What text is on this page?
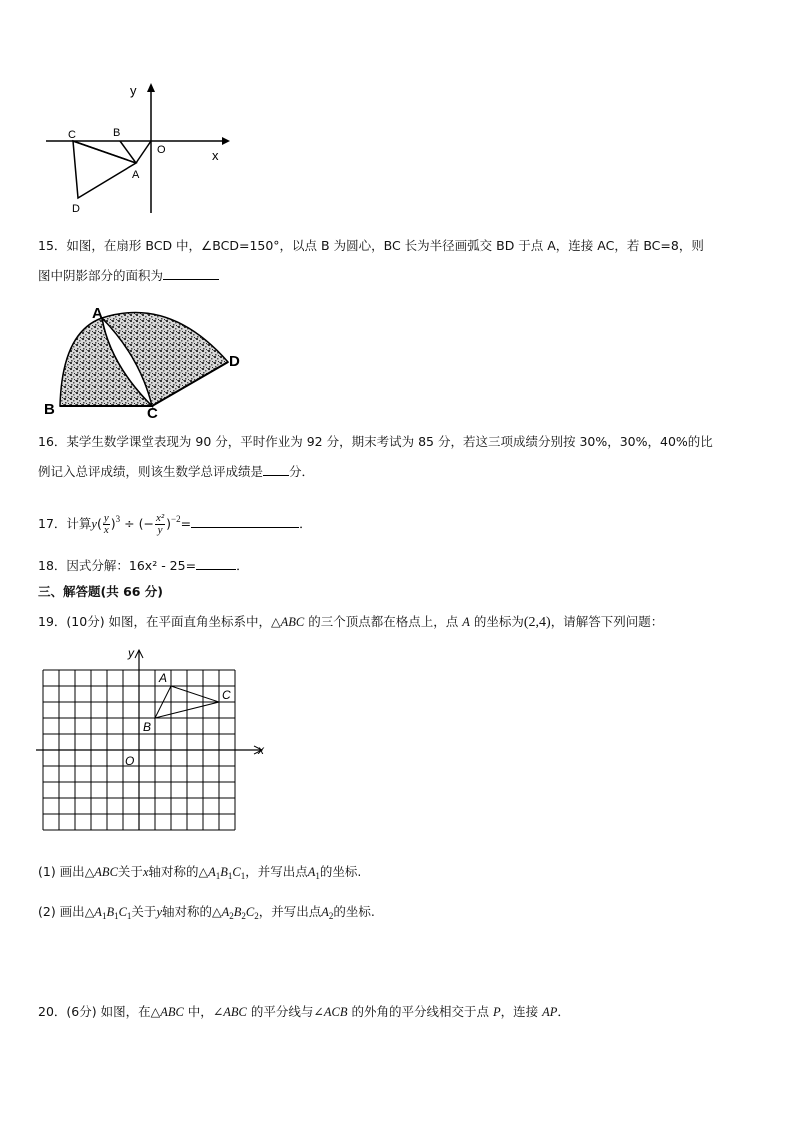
y
x
O
C	B
A
D
15．如图，在扇形 BCD 中，∠BCD=150°，以点 B 为圆心，BC 长为半径画弧交 BD 于点 A，连接 AC，若 BC=8，则
图中阴影部分的面积为
A
B	C
D
16．某学生数学课堂表现为 90 分，平时作业为 92 分，期末考试为 85 分，若这三项成绩分别按 30%，30%，40%的比
例记入总评成绩，则该生数学总评成绩是 分．
17．计算$y( \frac{y}{x} )^3$ ÷ (− $\frac{\text{x²}}{y} )^{-2}=$	．
18．因式分解：16x² - 25=	．
三、解答题(共 66 分)
19．(10分) 如图，在平面直角坐标系中，△ABC 的三个顶点都在格点上，点 A 的坐标为(2,4)，请解答下列问题：
y
x
O
A
B
C
(1) 画出△ABC关于x轴对称的$\triangle A_1B_1C_1$，并写出点$A_1$的坐标.
(2) 画出$\triangle A_1B_1C_1$关于y轴对称的$\triangle A_2B_2C_2$，并写出点$A_2$的坐标.
20．(6分) 如图，在△ABC 中，∠ABC 的平分线与∠ACB 的外角的平分线相交于点 P，连接 AP．
